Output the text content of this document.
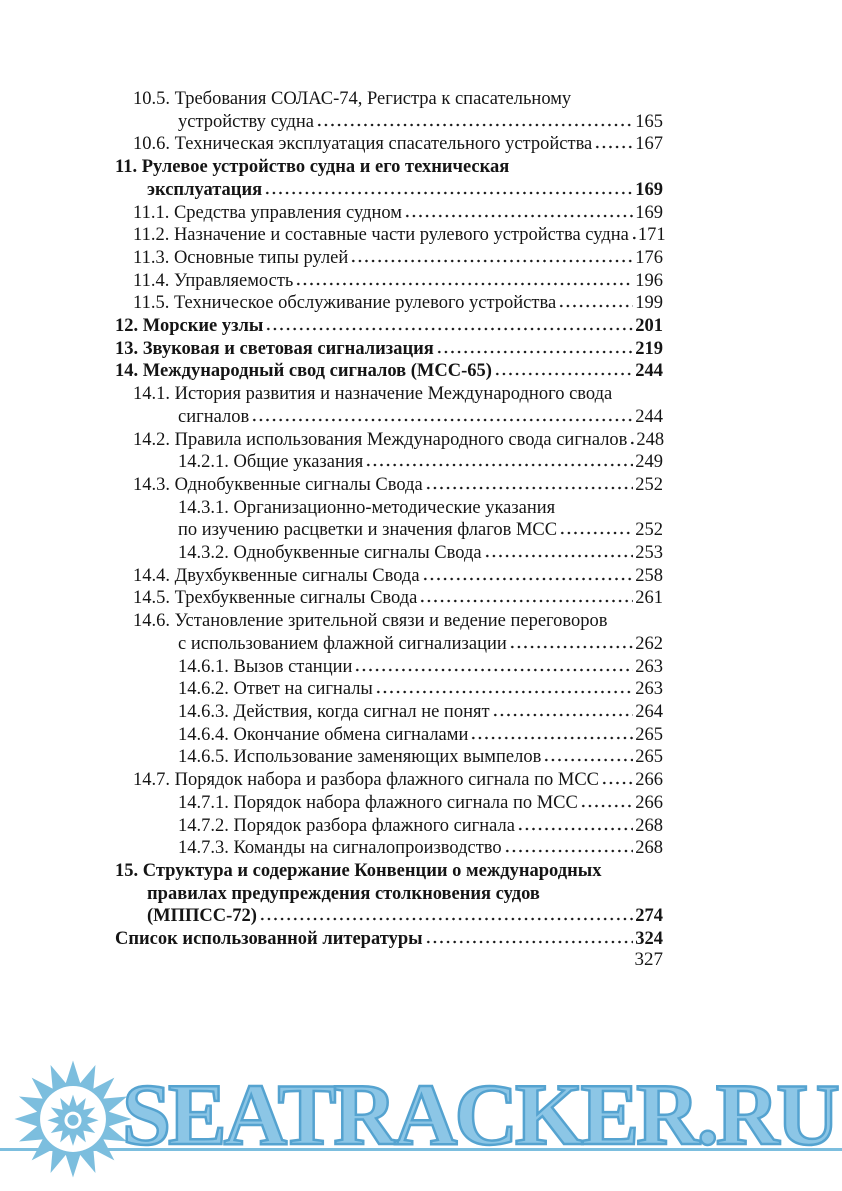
10.5. Требования СОЛАС-74, Регистра к спасательному
устройству судна	165
10.6. Техническая эксплуатация спасательного устройства 167
11. Рулевое устройство судна и его техническая
эксплуатация	169
11.1. Средства управления судном	169
11.2. Назначение и составные части рулевого устройства судна 171
11.3. Основные типы рулей	176
11.4. Управляемость	196
11.5. Техническое обслуживание рулевого устройства	199
12. Морские узлы	201
13. Звуковая и световая сигнализация	219
14. Международный свод сигналов (МСС-65)	244
14.1. История развития и назначение Международного свода
сигналов	244
14.2. Правила использования Международного свода сигналов 248
14.2.1. Общие указания	249
14.3. Однобуквенные сигналы Свода	252
14.3.1. Организационно-методические указания
по изучению расцветки и значения флагов МСС	252
14.3.2. Однобуквенные сигналы Свода	253
14.4. Двухбуквенные сигналы Свода	258
14.5. Трехбуквенные сигналы Свода	261
14.6. Установление зрительной связи и ведение переговоров
с использованием флажной сигнализации	262
14.6.1. Вызов станции	263
14.6.2. Ответ на сигналы	263
14.6.3. Действия, когда сигнал не понят	264
14.6.4. Окончание обмена сигналами	265
14.6.5. Использование заменяющих вымпелов	265
14.7. Порядок набора и разбора флажного сигнала по МСС 266
14.7.1. Порядок набора флажного сигнала по МСС	266
14.7.2. Порядок разбора флажного сигнала	268
14.7.3. Команды на сигналопроизводство	268
15. Структура и содержание Конвенции о международных
правилах предупреждения столкновения судов
(МППСС-72)	274
Список использованной литературы	324
327
SEATRACKER.RU
